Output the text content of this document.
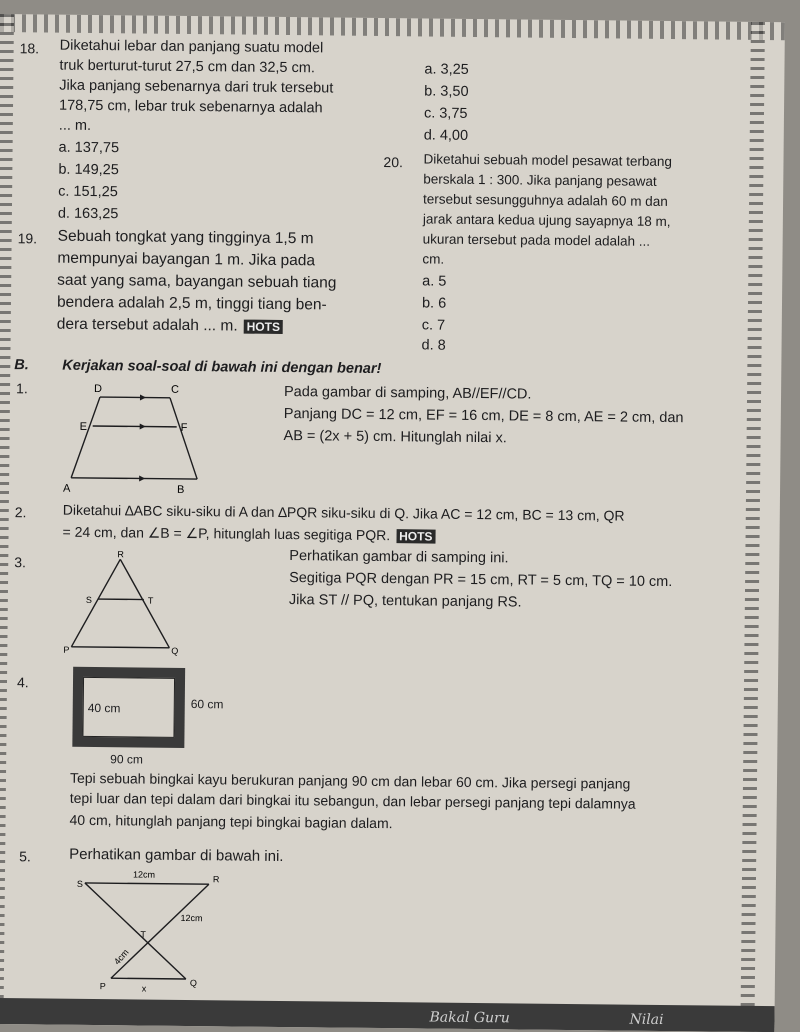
18. Diketahui lebar dan panjang suatu model
truk berturut-turut 27,5 cm dan 32,5 cm.
Jika panjang sebenarnya dari truk tersebut
178,75 cm, lebar truk sebenarnya adalah
... m.
a. 137,75
b. 149,25
c. 151,25
d. 163,25
a. 3,25
b. 3,50
c. 3,75
d. 4,00
19. Sebuah tongkat yang tingginya 1,5 m
mempunyai bayangan 1 m. Jika pada
saat yang sama, bayangan sebuah tiang
bendera adalah 2,5 m, tinggi tiang ben-
dera tersebut adalah ... m. HOTS
20. Diketahui sebuah model pesawat terbang
berskala 1 : 300. Jika panjang pesawat
tersebut sesungguhnya adalah 60 m dan
jarak antara kedua ujung sayapnya 18 m,
ukuran tersebut pada model adalah ...
cm.
a. 5
b. 6
c. 7
d. 8
B. Kerjakan soal-soal di bawah ini dengan benar!
1.	D	C
E	F
A	B
Pada gambar di samping, AB//EF//CD.
Panjang DC = 12 cm, EF = 16 cm, DE = 8 cm, AE = 2 cm, dan
AB = (2x + 5) cm. Hitunglah nilai x.
2.	Diketahui ∆ABC siku-siku di A dan ∆PQR siku-siku di Q. Jika AC = 12 cm, BC = 13 cm, QR
= 24 cm, dan ∠B = ∠P, hitunglah luas segitiga PQR. HOTS
3.	R
S	T
P	Q
Perhatikan gambar di samping ini.
Segitiga PQR dengan PR = 15 cm, RT = 5 cm, TQ = 10 cm.
Jika ST // PQ, tentukan panjang RS.
4.
40 cm	60 cm
90 cm
Tepi sebuah bingkai kayu berukuran panjang 90 cm dan lebar 60 cm. Jika persegi panjang
tepi luar dan tepi dalam dari bingkai itu sebangun, dan lebar persegi panjang tepi dalamnya
40 cm, hitunglah panjang tepi bingkai bagian dalam.
5.	Perhatikan gambar di bawah ini.
S	R
12cm
12cm
T
4cm
P	Q
x
Bakal Guru	Nilai
